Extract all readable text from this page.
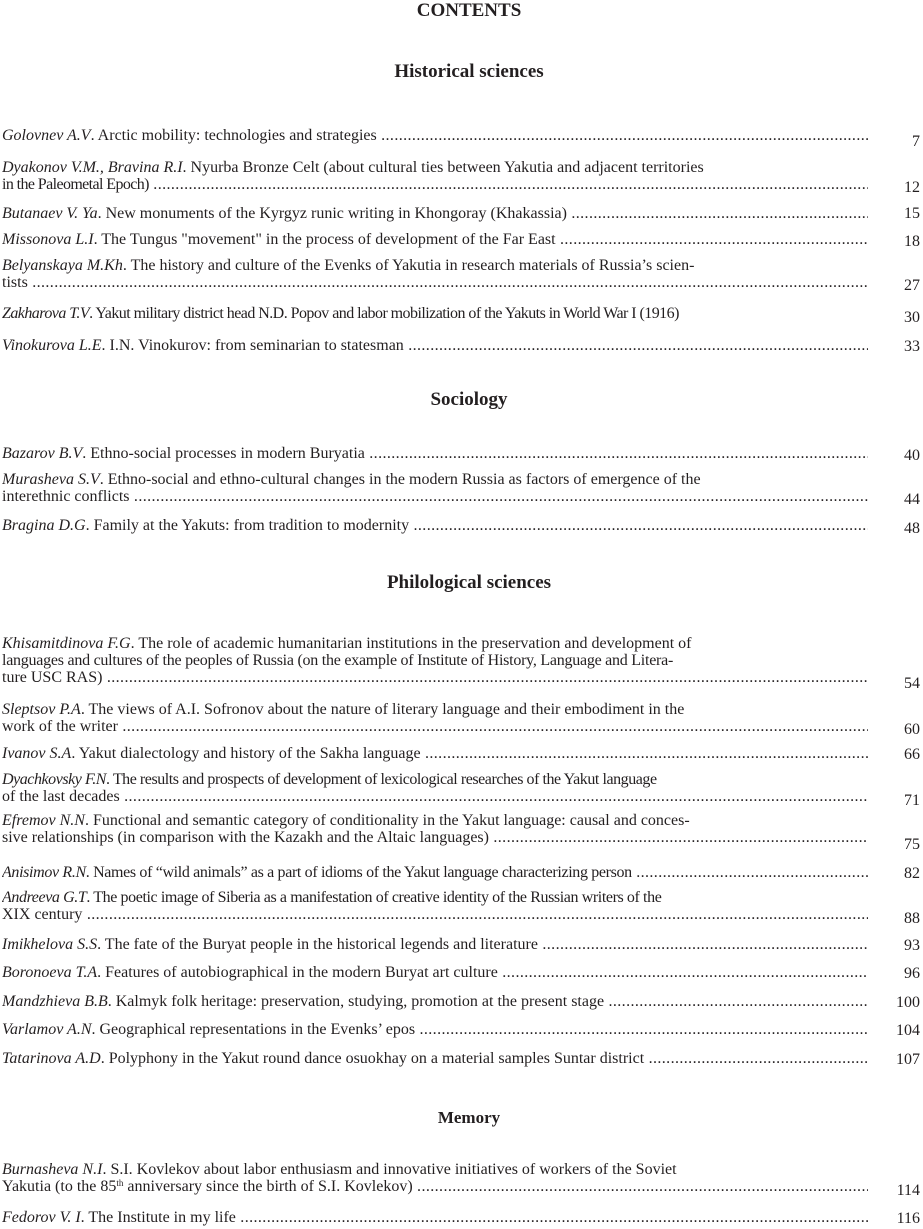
CONTENTS
Historical sciences
Golovnev A.V. Arctic mobility: technologies and strategies .....	7
Dyakonov V.M., Bravina R.I. Nyurba Bronze Celt (about cultural ties between Yakutia and adjacent territories
in the Paleometal Epoch) .....	12
Butanaev V. Ya. New monuments of the Kyrgyz runic writing in Khongoray (Khakassia) .....	15
Missonova L.I. The Tungus "movement" in the process of development of the Far East .....	18
Belyanskaya M.Kh. The history and culture of the Evenks of Yakutia in research materials of Russia’s scien-
tists .....	27
Zakharova T.V. Yakut military district head N.D. Popov and labor mobilization of the Yakuts in World War I (1916)	30
Vinokurova L.E. I.N. Vinokurov: from seminarian to statesman .....	33
Sociology
Bazarov B.V. Ethno-social processes in modern Buryatia .....	40
Murasheva S.V. Ethno-social and ethno-cultural changes in the modern Russia as factors of emergence of the
interethnic conflicts .....	44
Bragina D.G. Family at the Yakuts: from tradition to modernity .....	48
Philological sciences
Khisamitdinova F.G. The role of academic humanitarian institutions in the preservation and development of
languages and cultures of the peoples of Russia (on the example of Institute of History, Language and Litera-
ture USC RAS) .....	54
Sleptsov P.A. The views of A.I. Sofronov about the nature of literary language and their embodiment in the
work of the writer .....	60
Ivanov S.A. Yakut dialectology and history of the Sakha language .....	66
Dyachkovsky F.N. The results and prospects of development of lexicological researches of the Yakut language
of the last decades .....	71
Efremov N.N. Functional and semantic category of conditionality in the Yakut language: causal and conces-
sive relationships (in comparison with the Kazakh and the Altaic languages) .....	75
Anisimov R.N. Names of “wild animals” as a part of idioms of the Yakut language characterizing person .....	82
Andreeva G.T. The poetic image of Siberia as a manifestation of creative identity of the Russian writers of the
XIX century .....	88
Imikhelova S.S. The fate of the Buryat people in the historical legends and literature .....	93
Boronoeva T.A. Features of autobiographical in the modern Buryat art culture .....	96
Mandzhieva B.B. Kalmyk folk heritage: preservation, studying, promotion at the present stage .....	100
Varlamov A.N. Geographical representations in the Evenks’ epos .....	104
Tatarinova A.D. Polyphony in the Yakut round dance osuokhay on a material samples Suntar district .....	107
Memory
Burnasheva N.I. S.I. Kovlekov about labor enthusiasm and innovative initiatives of workers of the Soviet
Yakutia (to the 85th anniversary since the birth of S.I. Kovlekov) .....	114
Fedorov V. I. The Institute in my life .....	116
